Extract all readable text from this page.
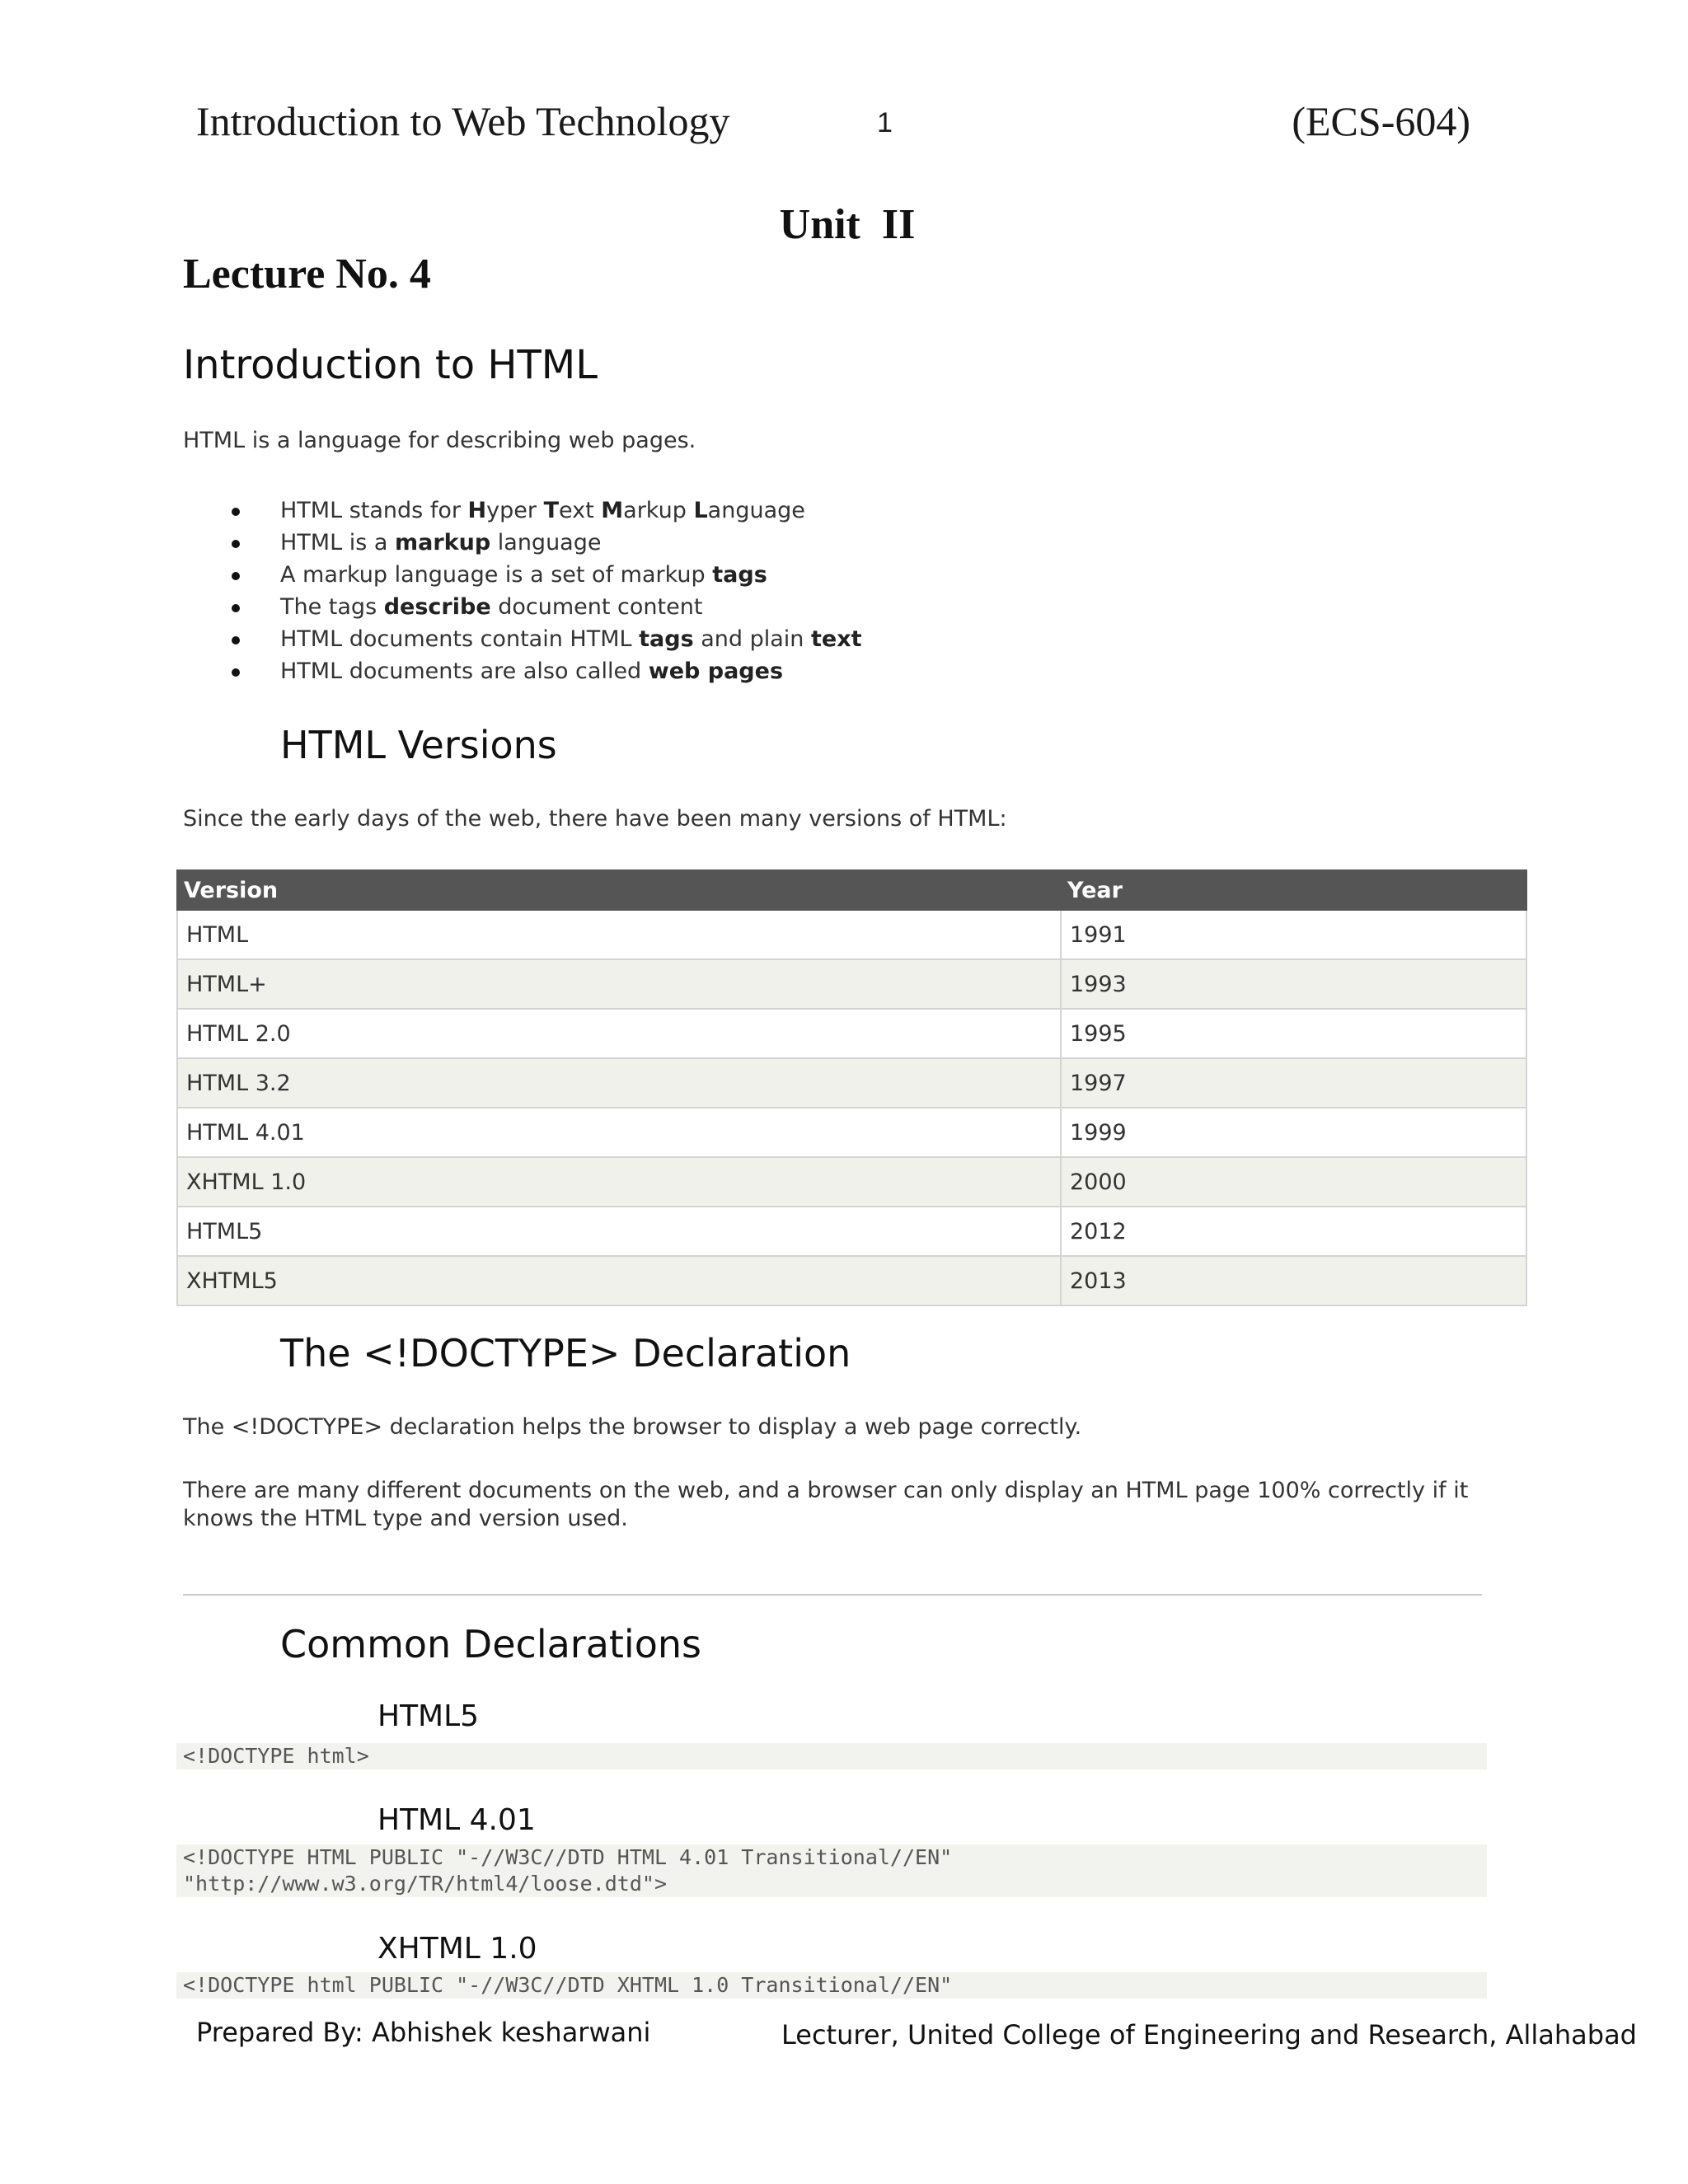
Introduction to Web Technology	1	(ECS-604)
Unit  II
Lecture No. 4
Introduction to HTML
HTML is a language for describing web pages.
HTML stands for Hyper Text Markup Language
HTML is a markup language
A markup language is a set of markup tags
The tags describe document content
HTML documents contain HTML tags and plain text
HTML documents are also called web pages
HTML Versions
Since the early days of the web, there have been many versions of HTML:
Version	Year
HTML	1991
HTML+	1993
HTML 2.0	1995
HTML 3.2	1997
HTML 4.01	1999
XHTML 1.0	2000
HTML5	2012
XHTML5	2013
The <!DOCTYPE> Declaration
The <!DOCTYPE> declaration helps the browser to display a web page correctly.
There are many different documents on the web, and a browser can only display an HTML page 100% correctly if it
knows the HTML type and version used.
Common Declarations
HTML5
<!DOCTYPE html>
HTML 4.01
<!DOCTYPE HTML PUBLIC "-//W3C//DTD HTML 4.01 Transitional//EN"
"http://www.w3.org/TR/html4/loose.dtd">
XHTML 1.0
<!DOCTYPE html PUBLIC "-//W3C//DTD XHTML 1.0 Transitional//EN"
Prepared By: Abhishek kesharwani	Lecturer, United College of Engineering and Research, Allahabad
